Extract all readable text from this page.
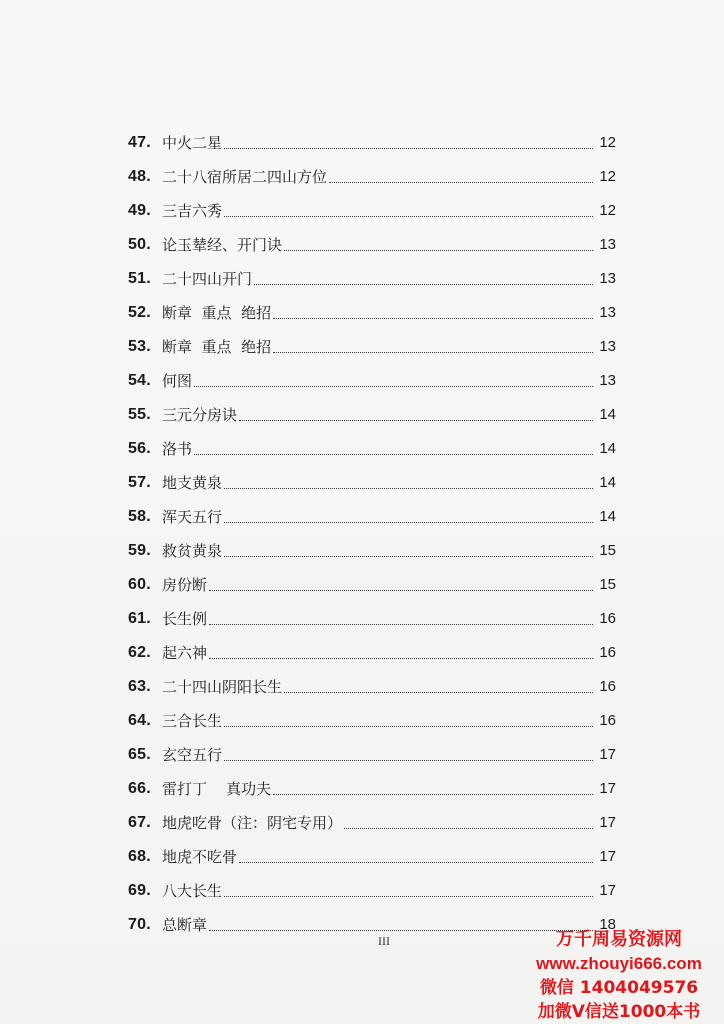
47. 中火二星	12
48. 二十八宿所居二四山方位	12
49. 三吉六秀	12
50. 论玉辇经、开门诀	13
51. 二十四山开门	13
52. 断章  重点  绝招	13
53. 断章  重点  绝招	13
54. 何图	13
55. 三元分房诀	14
56. 洛书	14
57. 地支黄泉	14
58. 浑天五行	14
59. 救贫黄泉	15
60. 房份断	15
61. 长生例	16
62. 起六神	16
63. 二十四山阴阳长生	16
64. 三合长生	16
65. 玄空五行	17
66. 雷打丁    真功夫	17
67. 地虎吃骨（注：阴宅专用）	17
68. 地虎不吃骨	17
69. 八大长生	17
70. 总断章	18
III	万千周易资源网
www.zhouyi666.com
微信 1404049576
加微V信送1000本书
